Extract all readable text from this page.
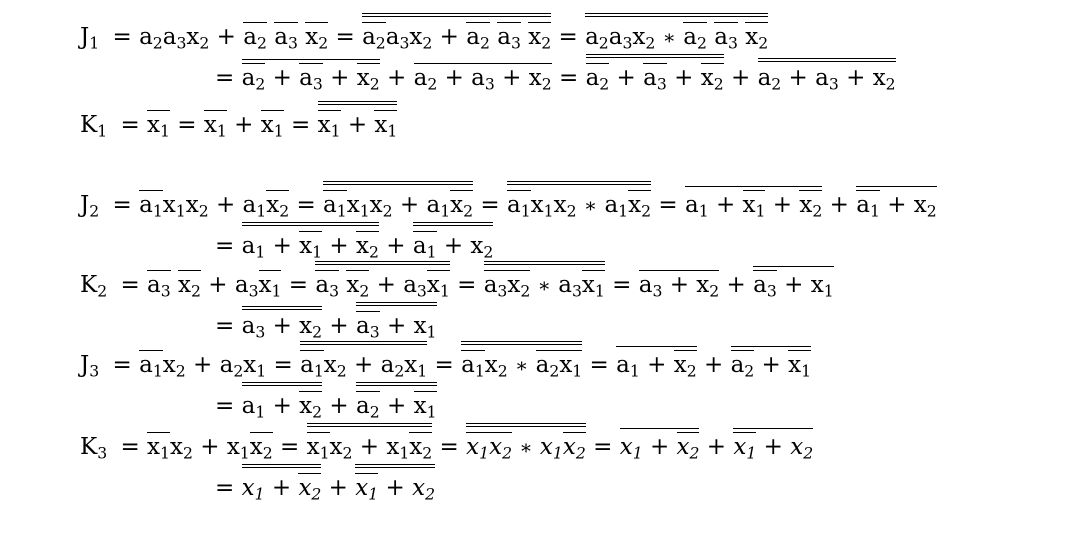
$J_1 = a_2a_3x_2 + a_2$ $a_3$ $x_2 = a_2a_3x_2 + a_2$ $a_3$ $x_2 = a_2a_3x_2$ ∗ $a_2$ $a_3$ $x_2$
= $a_2 + a_3 + x_2 + a_2 + a_3 + x_2 = a_2 + a_3 + x_2 + a_2 + a_3 + x_2$
$K_1 = x_1 = x_1 + x_1 = x_1 + x_1$
$J_2 = a_1x_1x_2 + a_1x_2 = a_1x_1x_2 + a_1x_2 = a_1x_1x_2$ ∗ $a_1x_2 = a_1 + x_1 + x_2 + a_1 + x_2$
= $a_1 + x_1 + x_2 + a_1 + x_2$
$K_2 = a_3$ $x_2 + a_3x_1 = a_3$ $x_2 + a_3x_1 = a_3x_2$ ∗ $a_3x_1 = a_3 + x_2 + a_3 + x_1$
= $a_3 + x_2 + a_3 + x_1$
$J_3 = a_1x_2 + a_2x_1 = a_1x_2 + a_2x_1 = a_1x_2$ ∗ $a_2x_1 = a_1 + x_2 + a_2 + x_1$
= $a_1 + x_2 + a_2 + x_1$
$K_3 = x_1x_2 + x_1x_2 = x_1x_2 + x_1x_2 = x_1x_2$ ∗ $x_1x_2 = x_1 + x_2 + x_1 + x_2$
= $x_1 + x_2 + x_1 + x_2$
